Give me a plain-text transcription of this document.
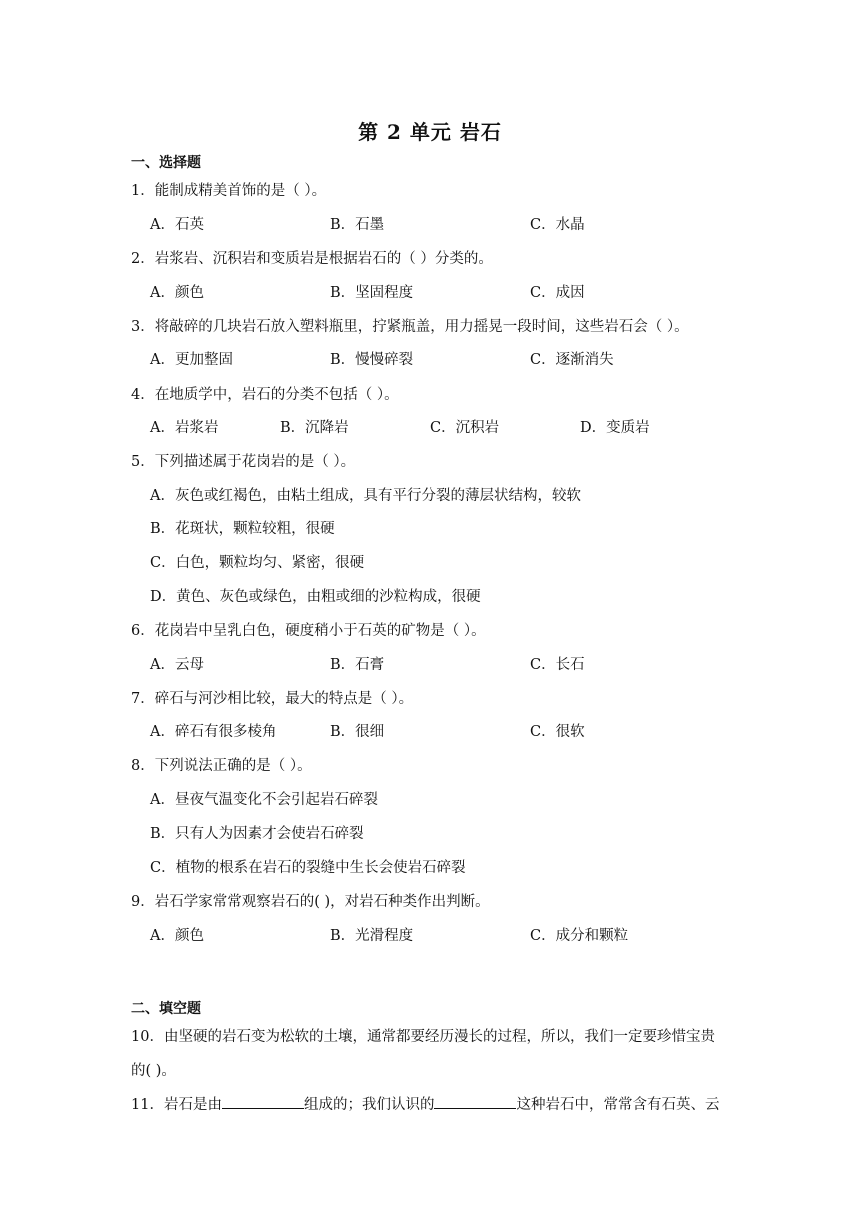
第 2 单元 岩石
一、选择题
1．能制成精美首饰的是（ ）。
A．石英	B．石墨	C．水晶
2．岩浆岩、沉积岩和变质岩是根据岩石的（ ）分类的。
A．颜色	B．坚固程度	C．成因
3．将敲碎的几块岩石放入塑料瓶里，拧紧瓶盖，用力摇晃一段时间，这些岩石会（ ）。
A．更加整固	B．慢慢碎裂	C．逐渐消失
4．在地质学中，岩石的分类不包括（ ）。
A．岩浆岩	B．沉降岩	C．沉积岩	D．变质岩
5．下列描述属于花岗岩的是（ ）。
A．灰色或红褐色，由粘土组成，具有平行分裂的薄层状结构，较软
B．花斑状，颗粒较粗，很硬
C．白色，颗粒均匀、紧密，很硬
D．黄色、灰色或绿色，由粗或细的沙粒构成，很硬
6．花岗岩中呈乳白色，硬度稍小于石英的矿物是（ ）。
A．云母	B．石膏	C．长石
7．碎石与河沙相比较，最大的特点是（ ）。
A．碎石有很多棱角	B．很细	C．很软
8．下列说法正确的是（ ）。
A．昼夜气温变化不会引起岩石碎裂
B．只有人为因素才会使岩石碎裂
C．植物的根系在岩石的裂缝中生长会使岩石碎裂
9．岩石学家常常观察岩石的( )，对岩石种类作出判断。
A．颜色	B．光滑程度	C．成分和颗粒
二、填空题
10．由坚硬的岩石变为松软的土壤，通常都要经历漫长的过程，所以，我们一定要珍惜宝贵
的( )。
11．岩石是由	组成的；我们认识的	这种岩石中，常常含有石英、云
